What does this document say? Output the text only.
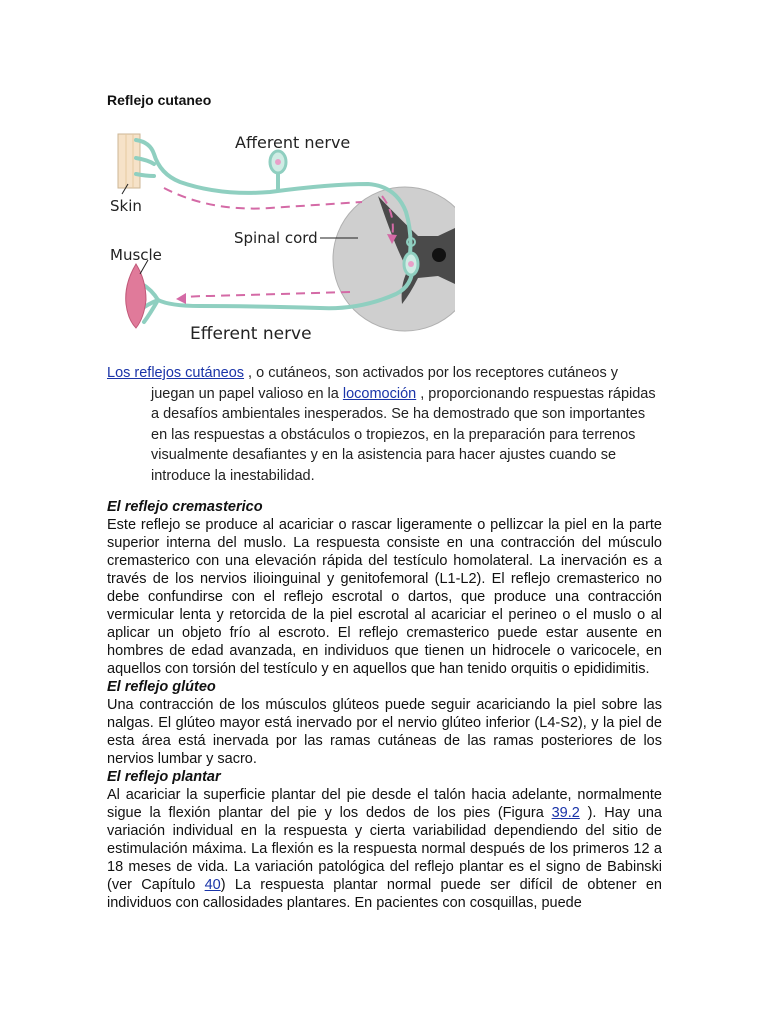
Reflejo cutaneo
Afferent nerve
Skin
Spinal cord
Muscle
Efferent nerve
Los reflejos cutáneos , o cutáneos, son activados por los receptores cutáneos y
juegan un papel valioso en la locomoción , proporcionando respuestas rápidas a desafíos ambientales inesperados. Se ha demostrado que son importantes en las respuestas a obstáculos o tropiezos, en la preparación para terrenos visualmente desafiantes y en la asistencia para hacer ajustes cuando se introduce la inestabilidad.
El reflejo cremasterico

Este reflejo se produce al acariciar o rascar ligeramente o pellizcar la piel en la parte superior interna del muslo. La respuesta consiste en una contracción del músculo cremasterico con una elevación rápida del testículo homolateral. La inervación es a través de los nervios ilioinguinal y genitofemoral (L1-L2). El reflejo cremasterico no debe confundirse con el reflejo escrotal o dartos, que produce una contracción vermicular lenta y retorcida de la piel escrotal al acariciar el perineo o el muslo o al aplicar un objeto frío al escroto. El reflejo cremasterico puede estar ausente en hombres de edad avanzada, en individuos que tienen un hidrocele o varicocele, en aquellos con torsión del testículo y en aquellos que han tenido orquitis o epididimitis.

El reflejo glúteo

Una contracción de los músculos glúteos puede seguir acariciando la piel sobre las nalgas. El glúteo mayor está inervado por el nervio glúteo inferior (L4-S2), y la piel de esta área está inervada por las ramas cutáneas de las ramas posteriores de los nervios lumbar y sacro.

El reflejo plantar

Al acariciar la superficie plantar del pie desde el talón hacia adelante, normalmente sigue la flexión plantar del pie y los dedos de los pies (Figura 39.2 ). Hay una variación individual en la respuesta y cierta variabilidad dependiendo del sitio de estimulación máxima. La flexión es la respuesta normal después de los primeros 12 a 18 meses de vida. La variación patológica del reflejo plantar es el signo de Babinski (ver Capítulo 40) La respuesta plantar normal puede ser difícil de obtener en individuos con callosidades plantares. En pacientes con cosquillas, puede
